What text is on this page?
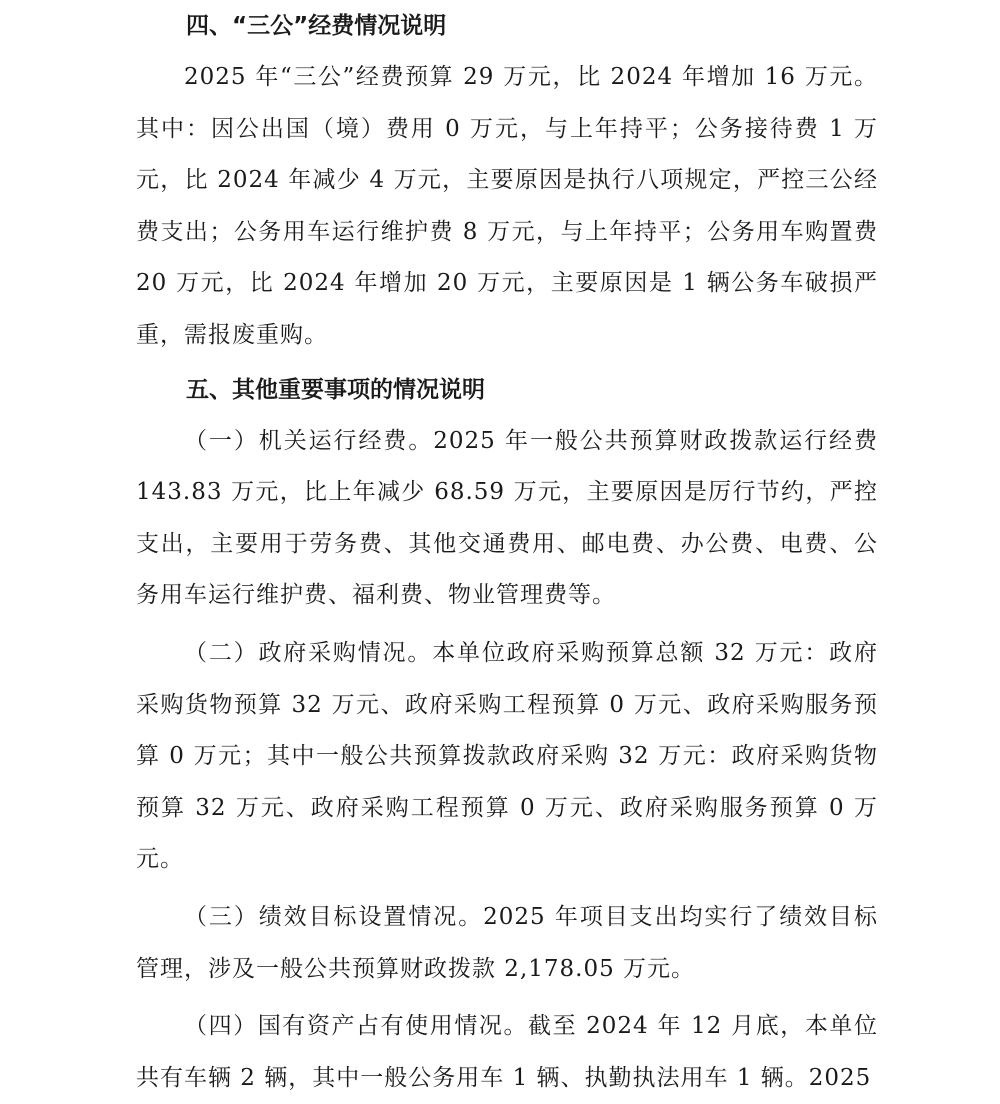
四、“三公”经费情况说明

2025 年“三公”经费预算 29 万元，比 2024 年增加 16 万元。其中：因公出国（境）费用 0 万元，与上年持平；公务接待费 1 万元，比 2024 年减少 4 万元，主要原因是执行八项规定，严控三公经费支出；公务用车运行维护费 8 万元，与上年持平；公务用车购置费 20 万元，比 2024 年增加 20 万元，主要原因是 1 辆公务车破损严重，需报废重购。

五、其他重要事项的情况说明

（一）机关运行经费。2025 年一般公共预算财政拨款运行经费 143.83 万元，比上年减少 68.59 万元，主要原因是厉行节约，严控支出，主要用于劳务费、其他交通费用、邮电费、办公费、电费、公务用车运行维护费、福利费、物业管理费等。

（二）政府采购情况。本单位政府采购预算总额 32 万元：政府采购货物预算 32 万元、政府采购工程预算 0 万元、政府采购服务预算 0 万元；其中一般公共预算拨款政府采购 32 万元：政府采购货物预算 32 万元、政府采购工程预算 0 万元、政府采购服务预算 0 万元。

（三）绩效目标设置情况。2025 年项目支出均实行了绩效目标管理，涉及一般公共预算财政拨款 2,178.05 万元。

（四）国有资产占有使用情况。截至 2024 年 12 月底，本单位共有车辆 2 辆，其中一般公务用车 1 辆、执勤执法用车 1 辆。2025
